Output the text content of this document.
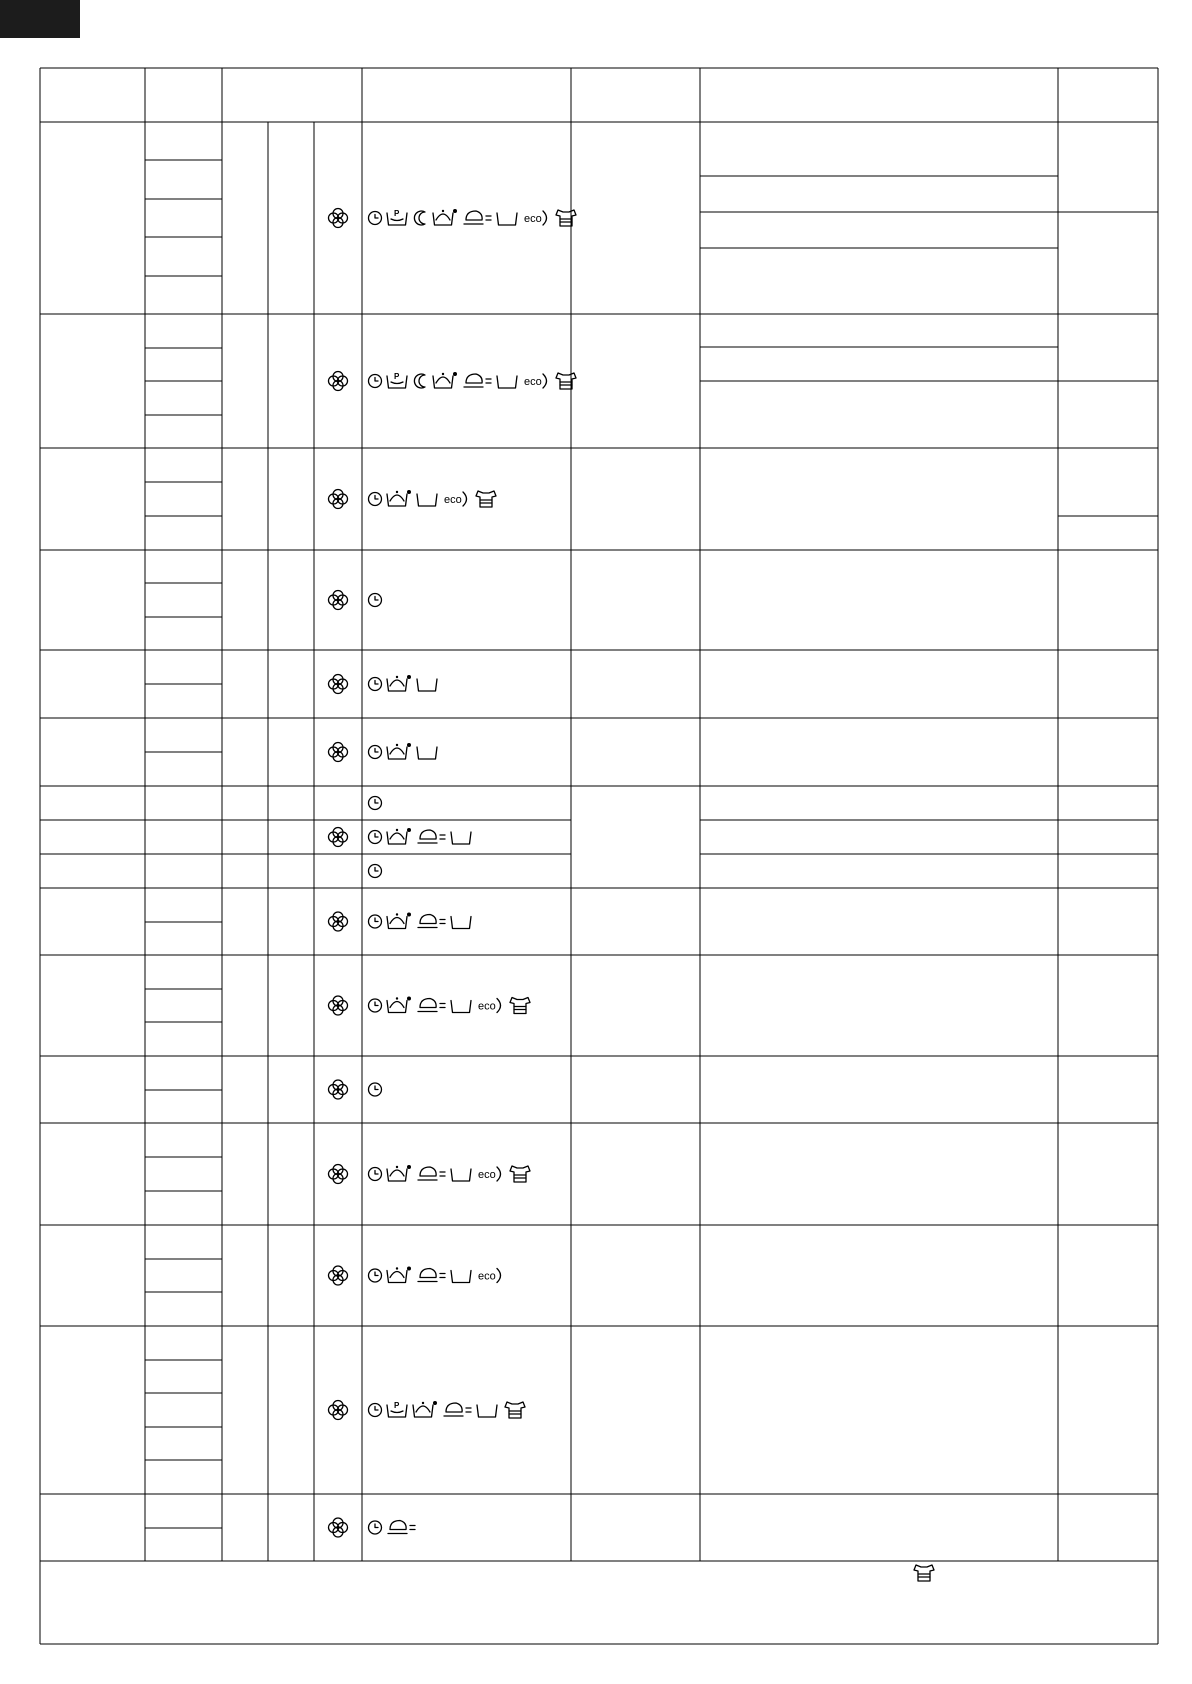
P	eco
P	eco
eco
eco
eco
eco
P
